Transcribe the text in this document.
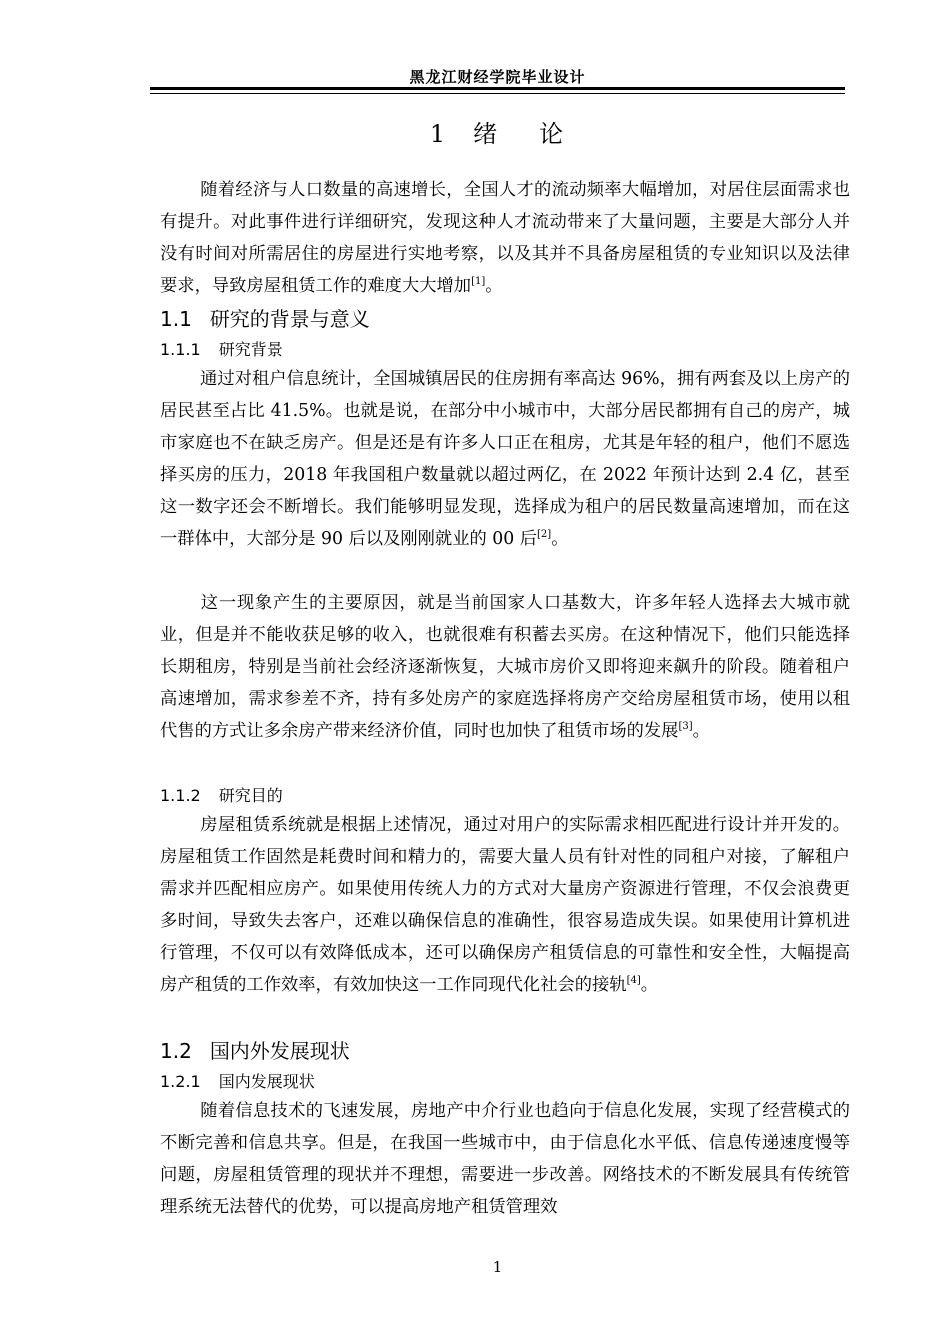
黑龙江财经学院毕业设计
1 绪 论

随着经济与人口数量的高速增长，全国人才的流动频率大幅增加，对居住层面需求也有提升。对此事件进行详细研究，发现这种人才流动带来了大量问题，主要是大部分人并没有时间对所需居住的房屋进行实地考察，以及其并不具备房屋租赁的专业知识以及法律要求，导致房屋租赁工作的难度大大增加[1]。

1.1 研究的背景与意义
1.1.1 研究背景

通过对租户信息统计，全国城镇居民的住房拥有率高达 96%，拥有两套及以上房产的居民甚至占比 41.5%。也就是说，在部分中小城市中，大部分居民都拥有自己的房产，城市家庭也不在缺乏房产。但是还是有许多人口正在租房，尤其是年轻的租户，他们不愿选择买房的压力，2018 年我国租户数量就以超过两亿，在 2022 年预计达到 2.4 亿，甚至这一数字还会不断增长。我们能够明显发现，选择成为租户的居民数量高速增加，而在这一群体中，大部分是 90 后以及刚刚就业的 00 后[2]。

这一现象产生的主要原因，就是当前国家人口基数大，许多年轻人选择去大城市就业，但是并不能收获足够的收入，也就很难有积蓄去买房。在这种情况下，他们只能选择长期租房，特别是当前社会经济逐渐恢复，大城市房价又即将迎来飙升的阶段。随着租户高速增加，需求参差不齐，持有多处房产的家庭选择将房产交给房屋租赁市场，使用以租代售的方式让多余房产带来经济价值，同时也加快了租赁市场的发展[3]。

1.1.2 研究目的

房屋租赁系统就是根据上述情况，通过对用户的实际需求相匹配进行设计并开发的。房屋租赁工作固然是耗费时间和精力的，需要大量人员有针对性的同租户对接，了解租户需求并匹配相应房产。如果使用传统人力的方式对大量房产资源进行管理，不仅会浪费更多时间，导致失去客户，还难以确保信息的准确性，很容易造成失误。如果使用计算机进行管理，不仅可以有效降低成本，还可以确保房产租赁信息的可靠性和安全性，大幅提高房产租赁的工作效率，有效加快这一工作同现代化社会的接轨[4]。

1.2 国内外发展现状
1.2.1 国内发展现状

随着信息技术的飞速发展，房地产中介行业也趋向于信息化发展，实现了经营模式的不断完善和信息共享。但是，在我国一些城市中，由于信息化水平低、信息传递速度慢等问题，房屋租赁管理的现状并不理想，需要进一步改善。网络技术的不断发展具有传统管理系统无法替代的优势，可以提高房地产租赁管理效

1
